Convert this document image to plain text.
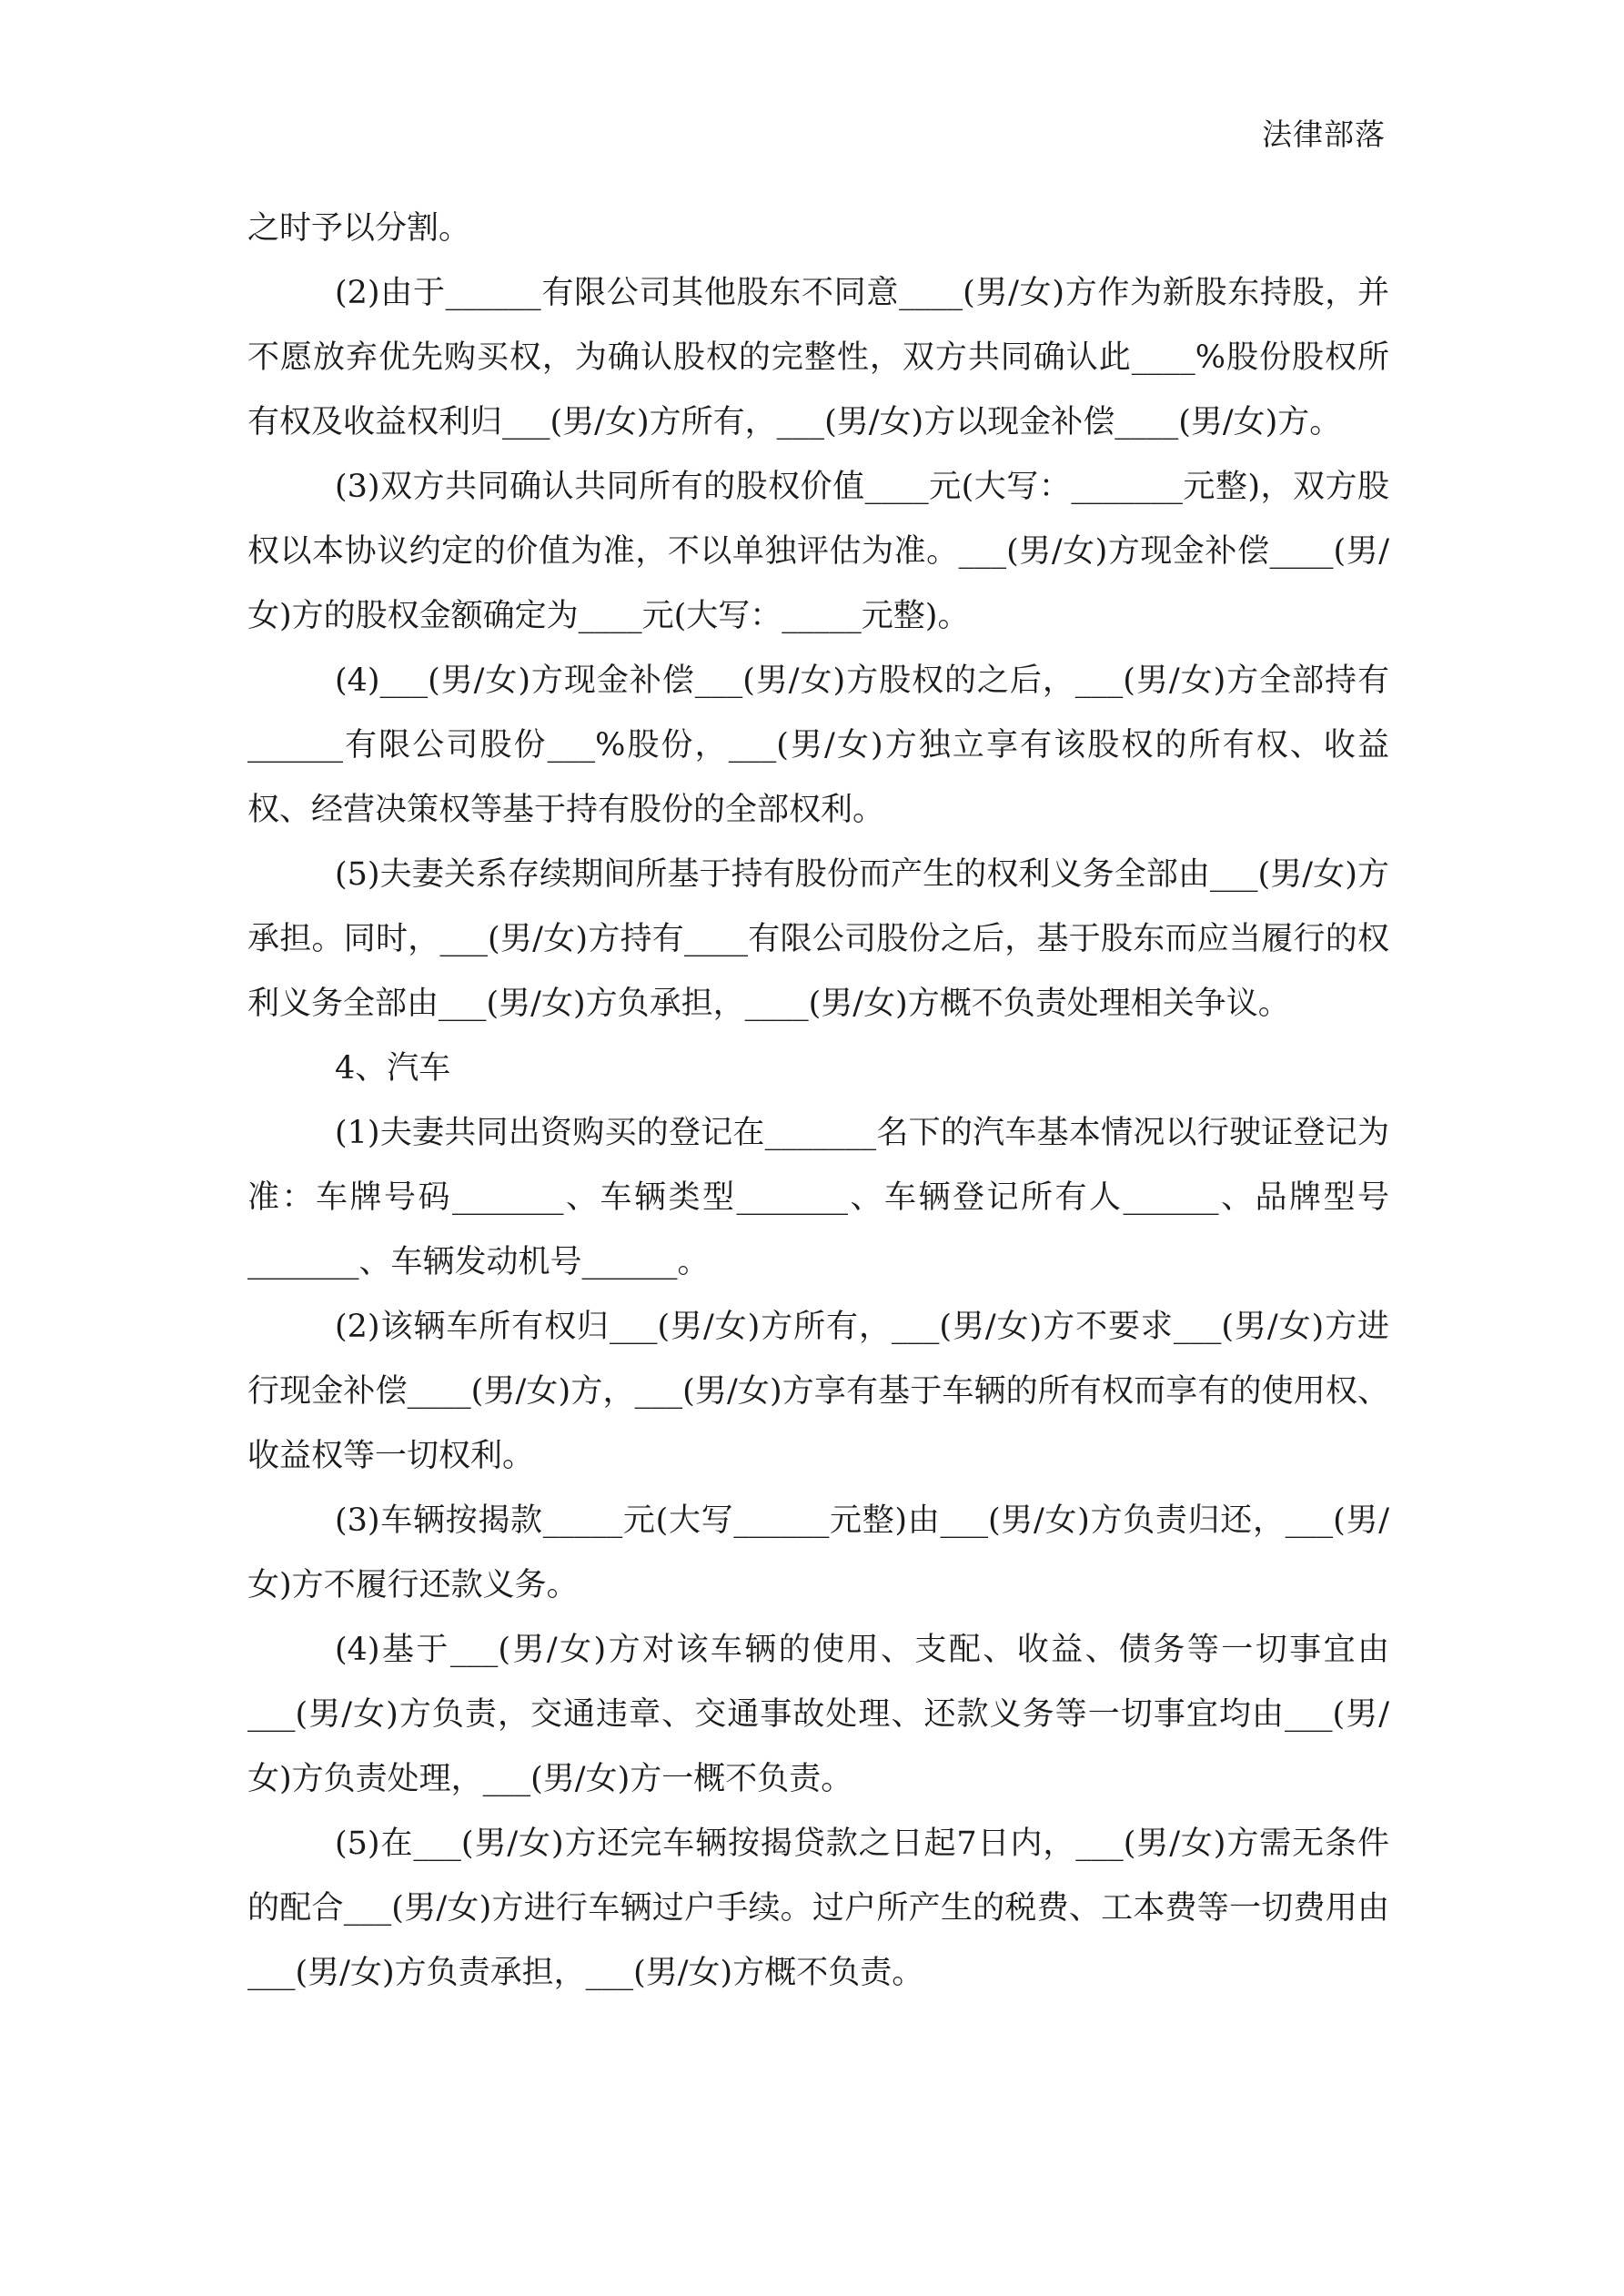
法律部落

之时予以分割。

(2)由于______有限公司其他股东不同意____(男/女)方作为新股东持股，并不愿放弃优先购买权，为确认股权的完整性，双方共同确认此____%股份股权所有权及收益权利归___(男/女)方所有，___(男/女)方以现金补偿____(男/女)方。

(3)双方共同确认共同所有的股权价值____元(大写：_______元整)，双方股权以本协议约定的价值为准，不以单独评估为准。___(男/女)方现金补偿____(男/女)方的股权金额确定为____元(大写：_____元整)。

(4)___(男/女)方现金补偿___(男/女)方股权的之后，___(男/女)方全部持有______有限公司股份___%股份，___(男/女)方独立享有该股权的所有权、收益权、经营决策权等基于持有股份的全部权利。

(5)夫妻关系存续期间所基于持有股份而产生的权利义务全部由___(男/女)方承担。同时，___(男/女)方持有____有限公司股份之后，基于股东而应当履行的权利义务全部由___(男/女)方负承担，____(男/女)方概不负责处理相关争议。

4、汽车

(1)夫妻共同出资购买的登记在_______名下的汽车基本情况以行驶证登记为准：车牌号码_______、车辆类型_______、车辆登记所有人______、品牌型号_______、车辆发动机号______。

(2)该辆车所有权归___(男/女)方所有，___(男/女)方不要求___(男/女)方进行现金补偿____(男/女)方，___(男/女)方享有基于车辆的所有权而享有的使用权、收益权等一切权利。

(3)车辆按揭款_____元(大写______元整)由___(男/女)方负责归还，___(男/女)方不履行还款义务。

(4)基于___(男/女)方对该车辆的使用、支配、收益、债务等一切事宜由___(男/女)方负责，交通违章、交通事故处理、还款义务等一切事宜均由___(男/女)方负责处理，___(男/女)方一概不负责。

(5)在___(男/女)方还完车辆按揭贷款之日起7日内，___(男/女)方需无条件的配合___(男/女)方进行车辆过户手续。过户所产生的税费、工本费等一切费用由___(男/女)方负责承担，___(男/女)方概不负责。
